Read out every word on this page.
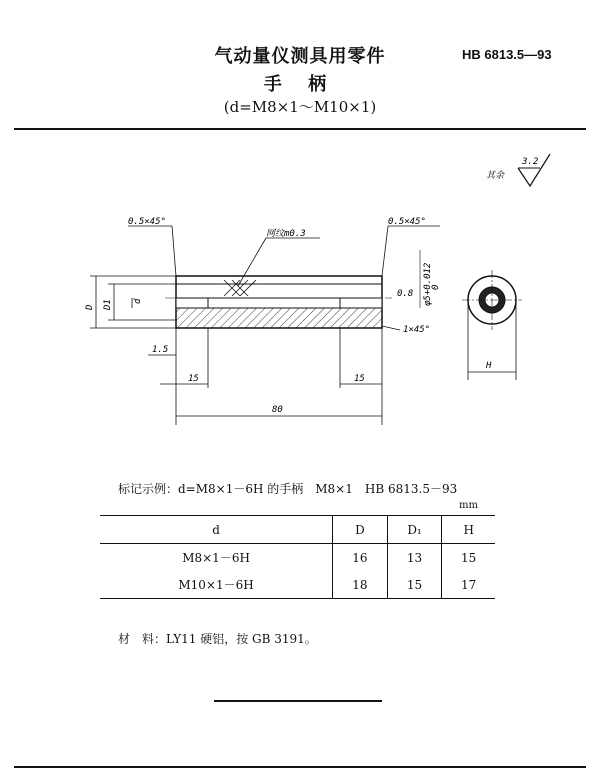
气动量仪测具用零件
手 柄
(d=M8×1～M10×1)
HB 6813.5—93
其余
3.2
0.5×45°	0.5×45°
网纹m0.3
1×45°
0.8 φ5+0.012
0
D D1 d
1.5
15	15
80
H
标记示例：d=M8×1－6H 的手柄　M8×1　HB 6813.5－93
mm
d	D	D₁	H
M8×1－6H	16	13	15
M10×1－6H	18	15	17
材　料：LY11 硬铝，按 GB 3191。
